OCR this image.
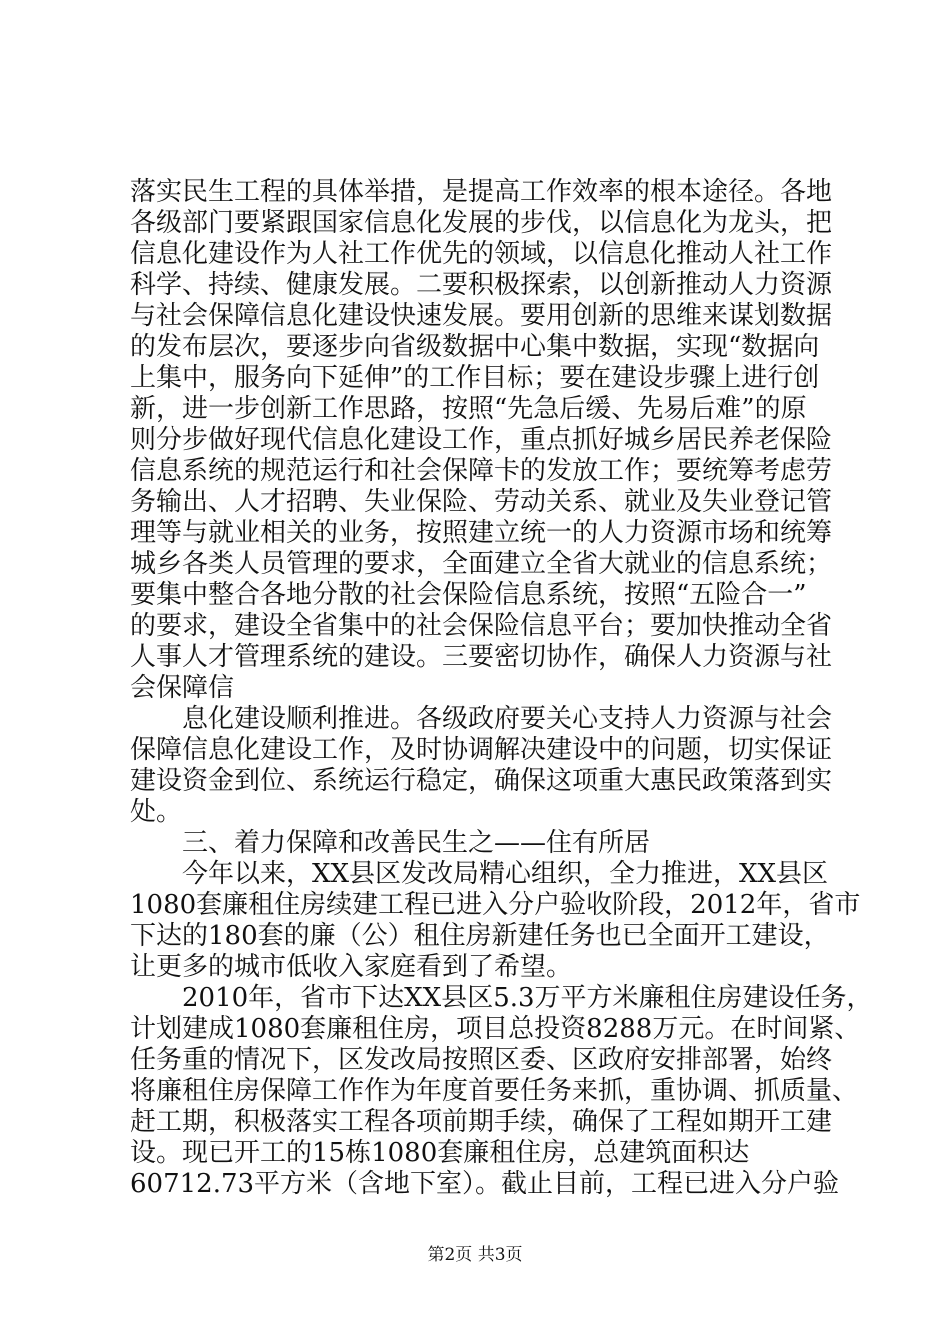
落实民生工程的具体举措，是提高工作效率的根本途径。各地
各级部门要紧跟国家信息化发展的步伐，以信息化为龙头，把
信息化建设作为人社工作优先的领域，以信息化推动人社工作
科学、持续、健康发展。二要积极探索，以创新推动人力资源
与社会保障信息化建设快速发展。要用创新的思维来谋划数据
的发布层次，要逐步向省级数据中心集中数据，实现“数据向
上集中，服务向下延伸”的工作目标；要在建设步骤上进行创
新，进一步创新工作思路，按照“先急后缓、先易后难”的原
则分步做好现代信息化建设工作，重点抓好城乡居民养老保险
信息系统的规范运行和社会保障卡的发放工作；要统筹考虑劳
务输出、人才招聘、失业保险、劳动关系、就业及失业登记管
理等与就业相关的业务，按照建立统一的人力资源市场和统筹
城乡各类人员管理的要求，全面建立全省大就业的信息系统；
要集中整合各地分散的社会保险信息系统，按照“五险合一”
的要求，建设全省集中的社会保险信息平台；要加快推动全省
人事人才管理系统的建设。三要密切协作，确保人力资源与社
会保障信
　　息化建设顺利推进。各级政府要关心支持人力资源与社会
保障信息化建设工作，及时协调解决建设中的问题，切实保证
建设资金到位、系统运行稳定，确保这项重大惠民政策落到实
处。
　　三、着力保障和改善民生之——住有所居
　　今年以来，XX县区发改局精心组织，全力推进，XX县区
1080套廉租住房续建工程已进入分户验收阶段，2012年，省市
下达的180套的廉（公）租住房新建任务也已全面开工建设，
让更多的城市低收入家庭看到了希望。
　　2010年，省市下达XX县区5.3万平方米廉租住房建设任务，
计划建成1080套廉租住房，项目总投资8288万元。在时间紧、
任务重的情况下，区发改局按照区委、区政府安排部署，始终
将廉租住房保障工作作为年度首要任务来抓，重协调、抓质量、
赶工期，积极落实工程各项前期手续，确保了工程如期开工建
设。现已开工的15栋1080套廉租住房，总建筑面积达
60712.73平方米（含地下室）。截止目前，工程已进入分户验
第2页 共3页
